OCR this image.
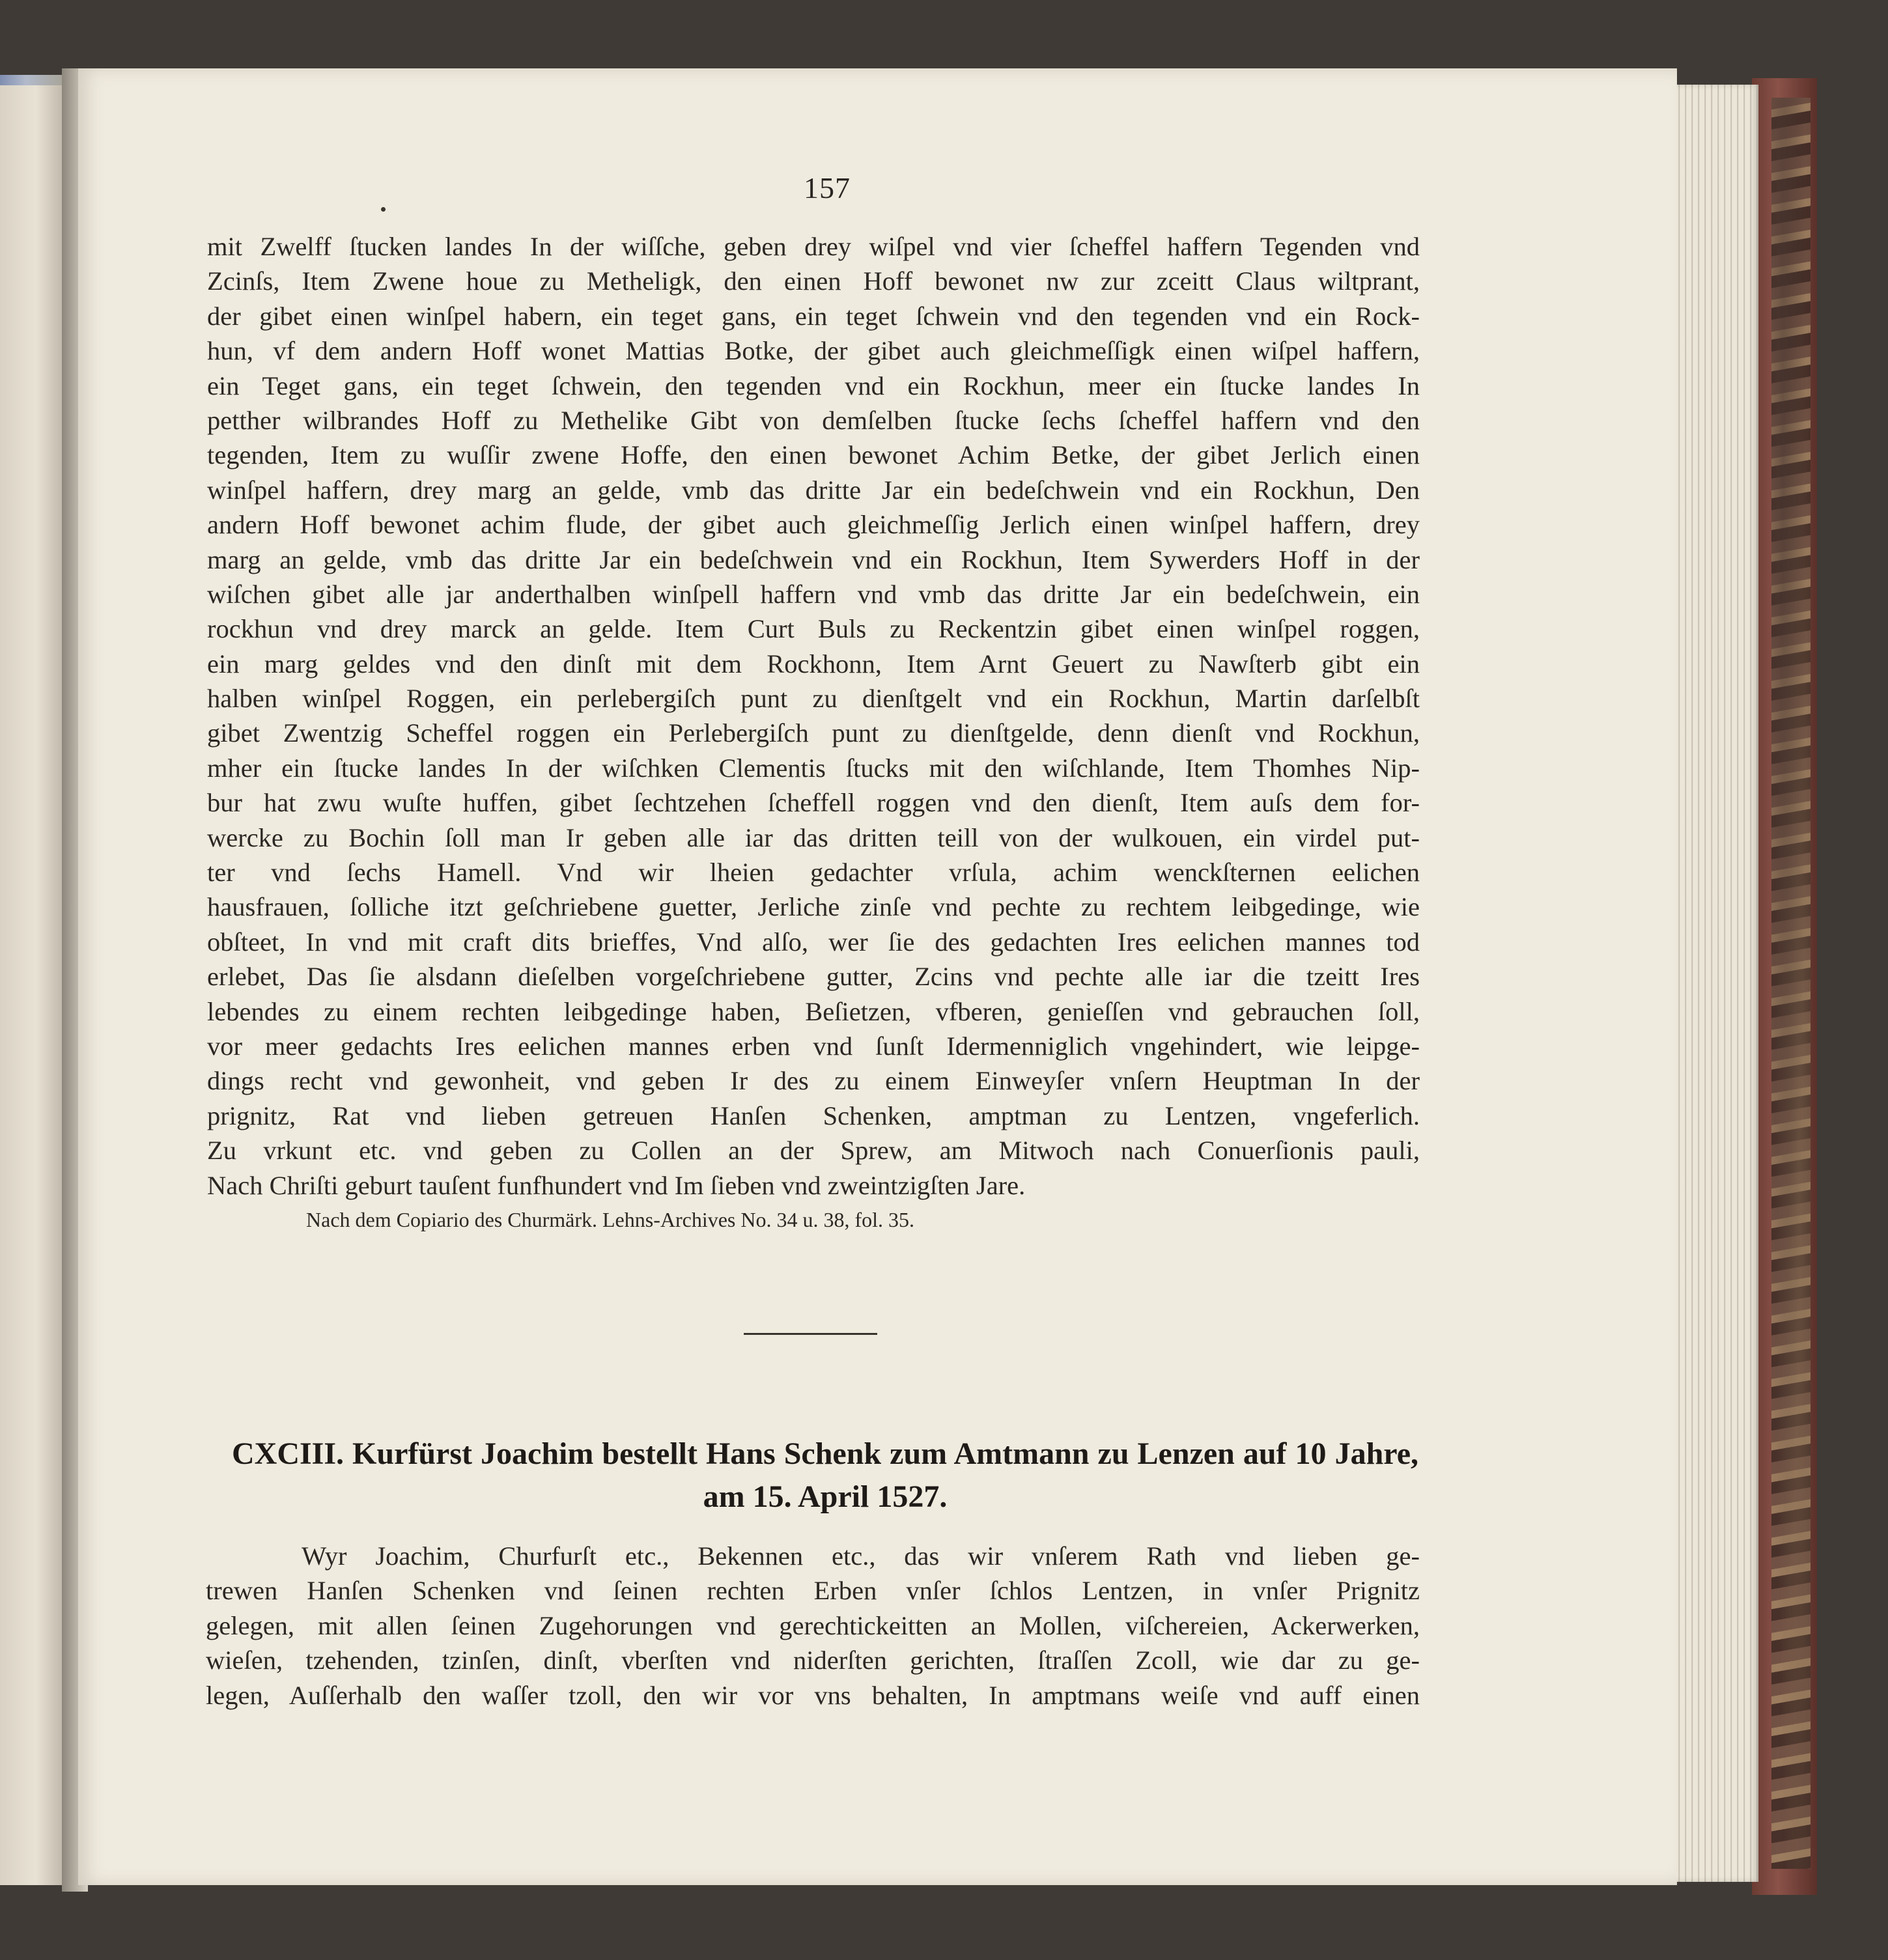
157
mit Zwelff ſtucken landes In der wiſſche, geben drey wiſpel vnd vier ſcheffel haffern Tegenden vnd
Zcinſs, Item Zwene houe zu Metheligk, den einen Hoff bewonet nw zur zceitt Claus wiltprant,
der gibet einen winſpel habern, ein teget gans, ein teget ſchwein vnd den tegenden vnd ein Rock-
hun, vf dem andern Hoff wonet Mattias Botke, der gibet auch gleichmeſſigk einen wiſpel haffern,
ein Teget gans, ein teget ſchwein, den tegenden vnd ein Rockhun, meer ein ſtucke landes In
petther wilbrandes Hoff zu Methelike Gibt von demſelben ſtucke ſechs ſcheffel haffern vnd den
tegenden, Item zu wuſſir zwene Hoffe, den einen bewonet Achim Betke, der gibet Jerlich einen
winſpel haffern, drey marg an gelde, vmb das dritte Jar ein bedeſchwein vnd ein Rockhun, Den
andern Hoff bewonet achim flude, der gibet auch gleichmeſſig Jerlich einen winſpel haffern, drey
marg an gelde, vmb das dritte Jar ein bedeſchwein vnd ein Rockhun, Item Sywerders Hoff in der
wiſchen gibet alle jar anderthalben winſpell haffern vnd vmb das dritte Jar ein bedeſchwein, ein
rockhun vnd drey marck an gelde. Item Curt Buls zu Reckentzin gibet einen winſpel roggen,
ein marg geldes vnd den dinſt mit dem Rockhonn, Item Arnt Geuert zu Nawſterb gibt ein
halben winſpel Roggen, ein perlebergiſch punt zu dienſtgelt vnd ein Rockhun, Martin darſelbſt
gibet Zwentzig Scheffel roggen ein Perlebergiſch punt zu dienſtgelde, denn dienſt vnd Rockhun,
mher ein ſtucke landes In der wiſchken Clementis ſtucks mit den wiſchlande, Item Thomhes Nip-
bur hat zwu wuſte huffen, gibet ſechtzehen ſcheffell roggen vnd den dienſt, Item auſs dem for-
wercke zu Bochin ſoll man Ir geben alle iar das dritten teill von der wulkouen, ein virdel put-
ter vnd ſechs Hamell. Vnd wir lheien gedachter vrſula, achim wenckſternen eelichen
hausfrauen, ſolliche itzt geſchriebene guetter, Jerliche zinſe vnd pechte zu rechtem leibgedinge, wie
obſteet, In vnd mit craft dits brieffes, Vnd alſo, wer ſie des gedachten Ires eelichen mannes tod
erlebet, Das ſie alsdann dieſelben vorgeſchriebene gutter, Zcins vnd pechte alle iar die tzeitt Ires
lebendes zu einem rechten leibgedinge haben, Beſietzen, vfberen, genieſſen vnd gebrauchen ſoll,
vor meer gedachts Ires eelichen mannes erben vnd ſunſt Idermenniglich vngehindert, wie leipge-
dings recht vnd gewonheit, vnd geben Ir des zu einem Einweyſer vnſern Heuptman In der
prignitz, Rat vnd lieben getreuen Hanſen Schenken, amptman zu Lentzen, vngeferlich.
Zu vrkunt etc. vnd geben zu Collen an der Sprew, am Mitwoch nach Conuerſionis pauli,
Nach Chriſti geburt tauſent funfhundert vnd Im ſieben vnd zweintzigſten Jare.
Nach dem Copiario des Churmärk. Lehns-Archives No. 34 u. 38, fol. 35.
CXCIII. Kurfürst Joachim bestellt Hans Schenk zum Amtmann zu Lenzen auf 10 Jahre,
am 15. April 1527.
Wyr Joachim, Churfurſt etc., Bekennen etc., das wir vnſerem Rath vnd lieben ge-
trewen Hanſen Schenken vnd ſeinen rechten Erben vnſer ſchlos Lentzen, in vnſer Prignitz
gelegen, mit allen ſeinen Zugehorungen vnd gerechtickeitten an Mollen, viſchereien, Ackerwerken,
wieſen, tzehenden, tzinſen, dinſt, vberſten vnd niderſten gerichten, ſtraſſen Zcoll, wie dar zu ge-
legen, Auſſerhalb den waſſer tzoll, den wir vor vns behalten, In amptmans weiſe vnd auff einen
